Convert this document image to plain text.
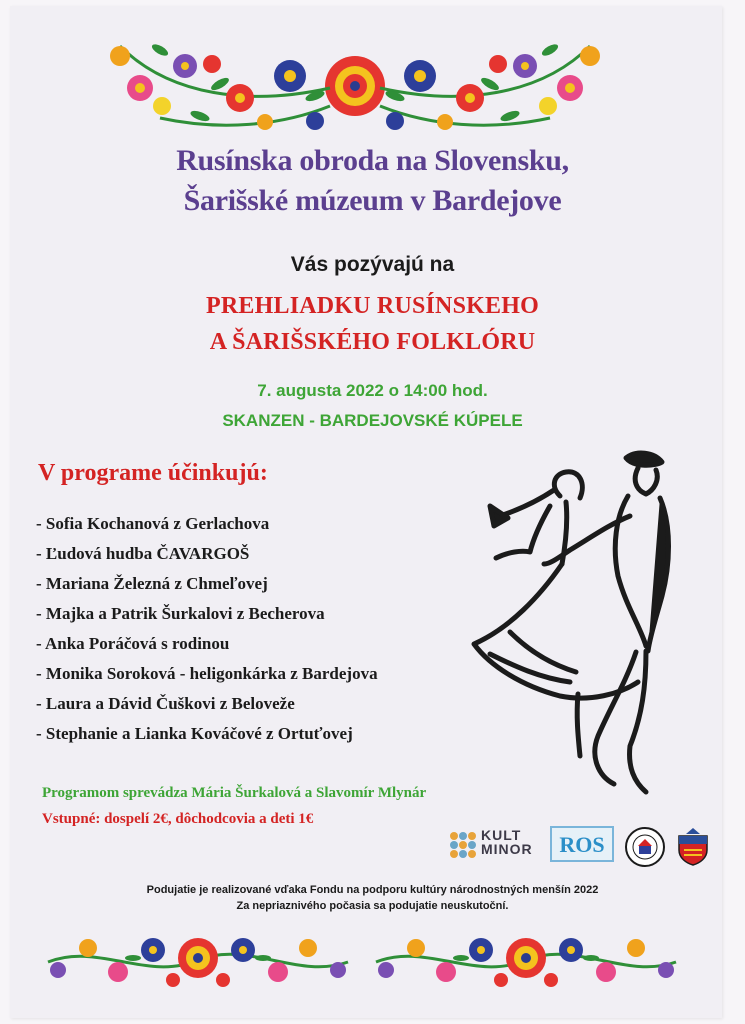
Rusínska obroda na Slovensku,
Šarišské múzeum v Bardejove
Vás pozývajú na
PREHLIADKU RUSÍNSKEHO
A ŠARIŠSKÉHO FOLKLÓRU
7. augusta 2022 o 14:00 hod.
SKANZEN - BARDEJOVSKÉ KÚPELE
V programe účinkujú:
- Sofia Kochanová z Gerlachova
- Ľudová hudba ČAVARGOŠ
- Mariana Železná z Chmeľovej
- Majka a Patrik Šurkalovi z Becherova
- Anka Poráčová s rodinou
- Monika Soroková - heligonkárka z Bardejova
- Laura a Dávid Čuškovi z Beloveže
- Stephanie a Lianka Kováčové z Ortuťovej
Programom sprevádza Mária Šurkalová a Slavomír Mlynár
Vstupné: dospelí 2€, dôchodcovia a deti 1€
KULT
MINOR	ROS
Podujatie je realizované vďaka Fondu na podporu kultúry národnostných menšín 2022
Za nepriaznivého počasia sa podujatie neuskutoční.
